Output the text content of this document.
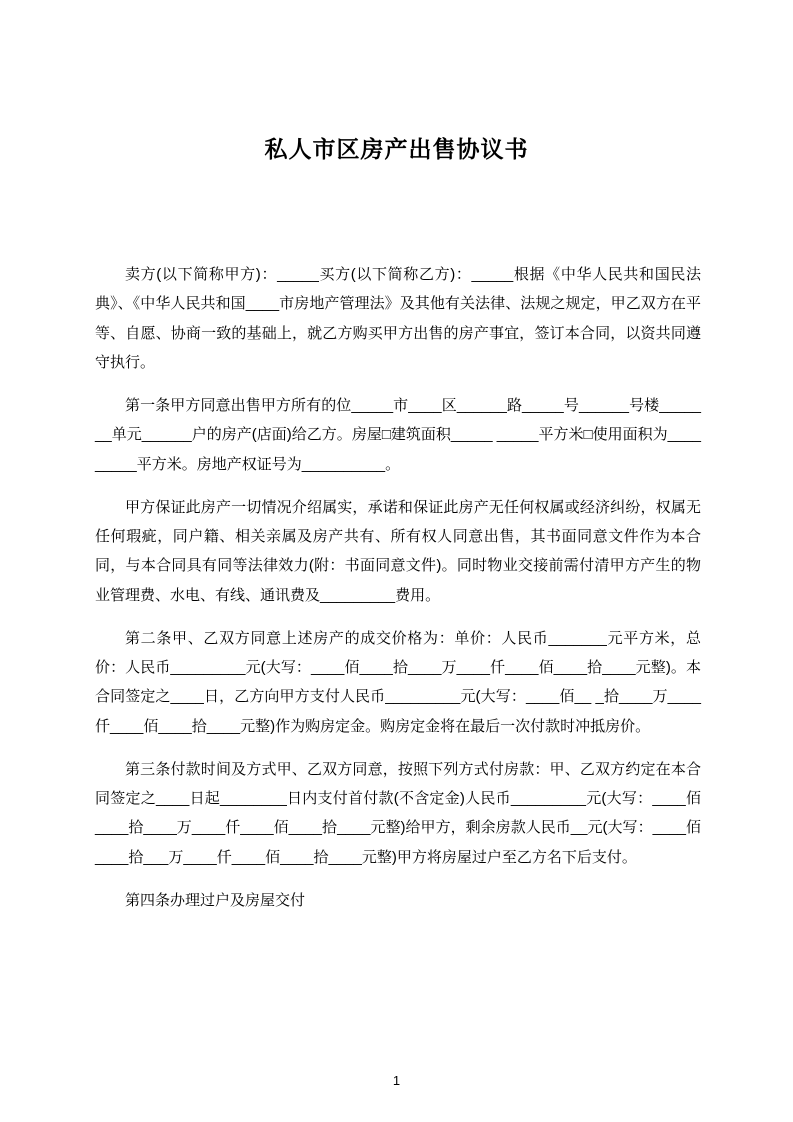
私人市区房产出售协议书

卖方(以下简称甲方)：_____买方(以下简称乙方)：_____根据《中华人民共和国民法典》、《中华人民共和国____市房地产管理法》及其他有关法律、法规之规定，甲乙双方在平等、自愿、协商一致的基础上，就乙方购买甲方出售的房产事宜，签订本合同，以资共同遵守执行。

第一条甲方同意出售甲方所有的位_____市____区______路_____号______号楼_______单元______户的房产(店面)给乙方。房屋□建筑面积_____ _____平方米□使用面积为_________平方米。房地产权证号为__________。

甲方保证此房产一切情况介绍属实，承诺和保证此房产无任何权属或经济纠纷，权属无任何瑕疵，同户籍、相关亲属及房产共有、所有权人同意出售，其书面同意文件作为本合同，与本合同具有同等法律效力(附：书面同意文件)。同时物业交接前需付清甲方产生的物业管理费、水电、有线、通讯费及_________费用。

第二条甲、乙双方同意上述房产的成交价格为：单价：人民币_______元平方米，总价：人民币_________元(大写：____佰____拾____万____仟____佰____拾____元整)。本合同签定之____日，乙方向甲方支付人民币_________元(大写：____佰__ _拾____万____仟____佰____拾____元整)作为购房定金。购房定金将在最后一次付款时冲抵房价。

第三条付款时间及方式甲、乙双方同意，按照下列方式付房款：甲、乙双方约定在本合同签定之____日起________日内支付首付款(不含定金)人民币_________元(大写：____佰____拾____万____仟____佰____拾____元整)给甲方，剩余房款人民币__元(大写：____佰____拾___万____仟____佰____拾____元整)甲方将房屋过户至乙方名下后支付。

第四条办理过户及房屋交付

1
